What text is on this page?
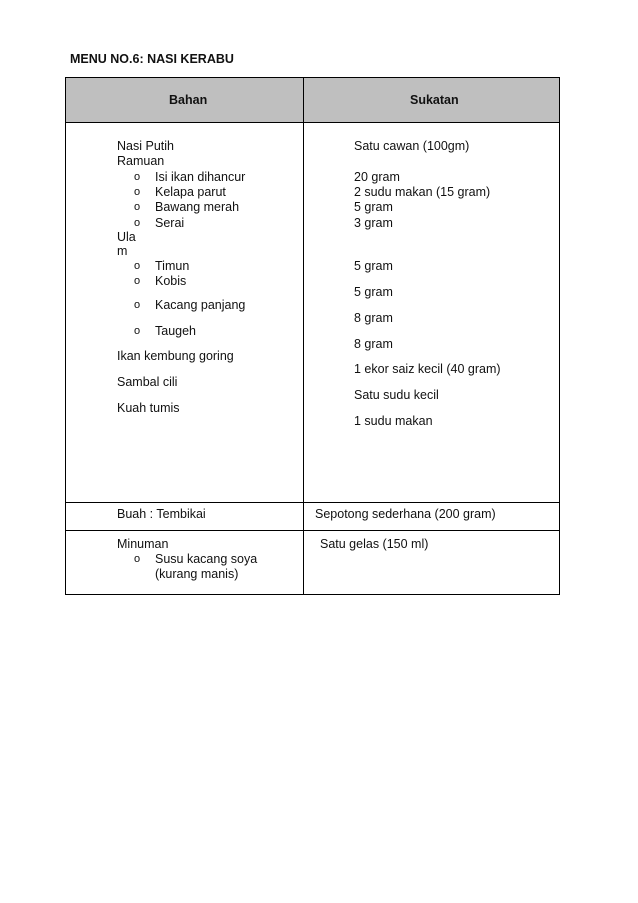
MENU NO.6: NASI KERABU
Bahan	Sukatan
Nasi Putih
Ramuan
o Isi ikan dihancur
o Kelapa parut
o Bawang merah
o Serai
Ula
m
o Timun
o Kobis
o Kacang panjang
o Taugeh
Ikan kembung goring
Sambal cili
Kuah tumis
Satu cawan (100gm)
20 gram
2 sudu makan (15 gram)
5 gram
3 gram
5 gram
5 gram
8 gram
8 gram
1 ekor saiz kecil (40 gram)
Satu sudu kecil
1 sudu makan
Buah : Tembikai	Sepotong sederhana (200 gram)
Minuman
o Susu kacang soya
(kurang manis)
Satu gelas (150 ml)
